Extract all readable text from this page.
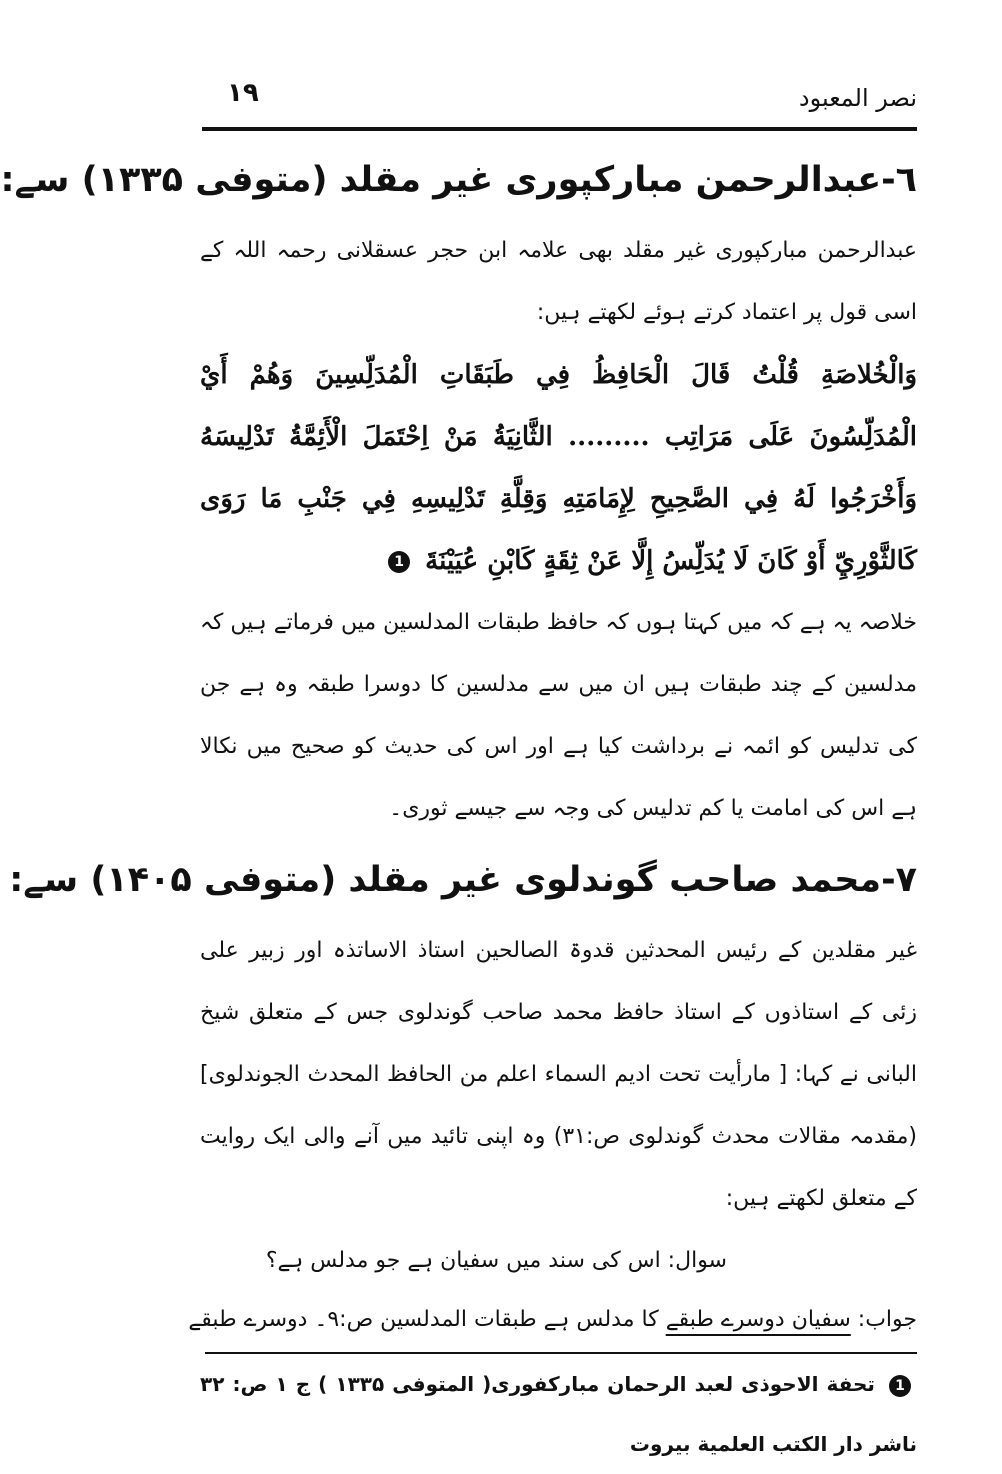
نصر المعبود
١٩
٦-عبدالرحمن مبارکپوری غیر مقلد (متوفی ۱۳۳۵) سے:
عبدالرحمن مبارکپوری غیر مقلد بھی علامہ ابن حجر عسقلانی رحمہ اللہ کے اسی قول پر اعتماد کرتے ہوئے لکھتے ہیں:
وَالْخُلاصَةِ قُلْتُ قَالَ الْحَافِظُ فِي طَبَقَاتِ الْمُدَلِّسِينَ وَهُمْ أَيْ الْمُدَلِّسُونَ عَلَى مَرَاتِب ......... الثَّانِيَةُ مَنْ اِحْتَمَلَ الْأَئِمَّةُ تَدْلِيسَهُ وَأَخْرَجُوا لَهُ فِي الصَّحِيحِ لِإِمَامَتِهِ وَقِلَّةِ تَدْلِيسِهِ فِي جَنْبِ مَا رَوَى كَالثَّوْرِيِّ أَوْ كَانَ لَا يُدَلِّسُ إِلَّا عَنْ ثِقَةٍ كَابْنِ عُيَيْنَةَ 1
خلاصہ یہ ہے کہ میں کہتا ہوں کہ حافظ طبقات المدلسین میں فرماتے ہیں کہ مدلسین کے چند طبقات ہیں ان میں سے مدلسین کا دوسرا طبقہ وہ ہے جن کی تدلیس کو ائمہ نے برداشت کیا ہے اور اس کی حدیث کو صحیح میں نکالا ہے اس کی امامت یا کم تدلیس کی وجہ سے جیسے ثوری۔
٧-محمد صاحب گوندلوی غیر مقلد (متوفی ۱۴۰۵) سے:
غیر مقلدین کے رئیس المحدثین قدوۃ الصالحین استاذ الاساتذہ اور زبیر علی زئی کے استاذوں کے استاذ حافظ محمد صاحب گوندلوی جس کے متعلق شیخ البانی نے کہا: [ مارأیت تحت ادیم السماء اعلم من الحافظ المحدث الجوندلوی] (مقدمہ مقالات محدث گوندلوی ص:۳۱) وہ اپنی تائید میں آنے والی ایک روایت کے متعلق لکھتے ہیں:
سوال: اس کی سند میں سفیان ہے جو مدلس ہے؟
جواب: سفیان دوسرے طبقے کا مدلس ہے طبقات المدلسین ص:۹۔ دوسرے طبقے
1 تحفة الاحوذی لعبد الرحمان مبارکفوری( المتوفی ۱۳۳۵ ) ج ۱ ص: ۳۲ ناشر دار الکتب العلمية بيروت
